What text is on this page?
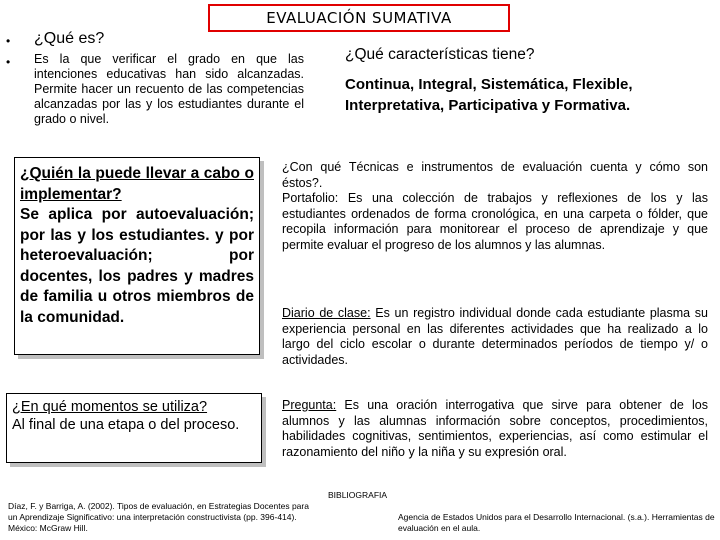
EVALUACIÓN SUMATIVA
•
•
¿Qué es?
Es la que verificar el grado en que las intenciones educativas han sido alcanzadas. Permite hacer un recuento de las competencias alcanzadas por las y los estudiantes durante el grado o nivel.
¿Qué características tiene?
Continua, Integral, Sistemática, Flexible, Interpretativa, Participativa y Formativa.
¿Quién la puede llevar a cabo o implementar?
Se aplica por autoevaluación; por las y los estudiantes. y por heteroevaluación; por docentes, los padres y madres de familia u otros miembros de la comunidad.
¿En qué momentos se utiliza?
Al final de una etapa o del proceso.
¿Con qué Técnicas e instrumentos de evaluación cuenta y cómo son éstos?.
Portafolio: Es una colección de trabajos y reflexiones de los y las estudiantes ordenados de forma cronológica, en una carpeta o fólder, que recopila información para monitorear el proceso de aprendizaje y que permite evaluar el progreso de los alumnos y las alumnas.
Diario de clase: Es un registro individual donde cada estudiante plasma su experiencia personal en las diferentes actividades que ha realizado a lo largo del ciclo escolar o durante determinados períodos de tiempo y/ o actividades.
Pregunta: Es una oración interrogativa que sirve para obtener de los alumnos y las alumnas información sobre conceptos, procedimientos, habilidades cognitivas, sentimientos, experiencias, así como estimular el razonamiento del niño y la niña y su expresión oral.
BIBLIOGRAFIA
Díaz, F. y Barriga, A. (2002). Tipos de evaluación, en Estrategias Docentes para un Aprendizaje Significativo: una interpretación constructivista (pp. 396-414). México: McGraw Hill.
Agencia de Estados Unidos para el Desarrollo Internacional. (s.a.). Herramientas de evaluación en el aula.
